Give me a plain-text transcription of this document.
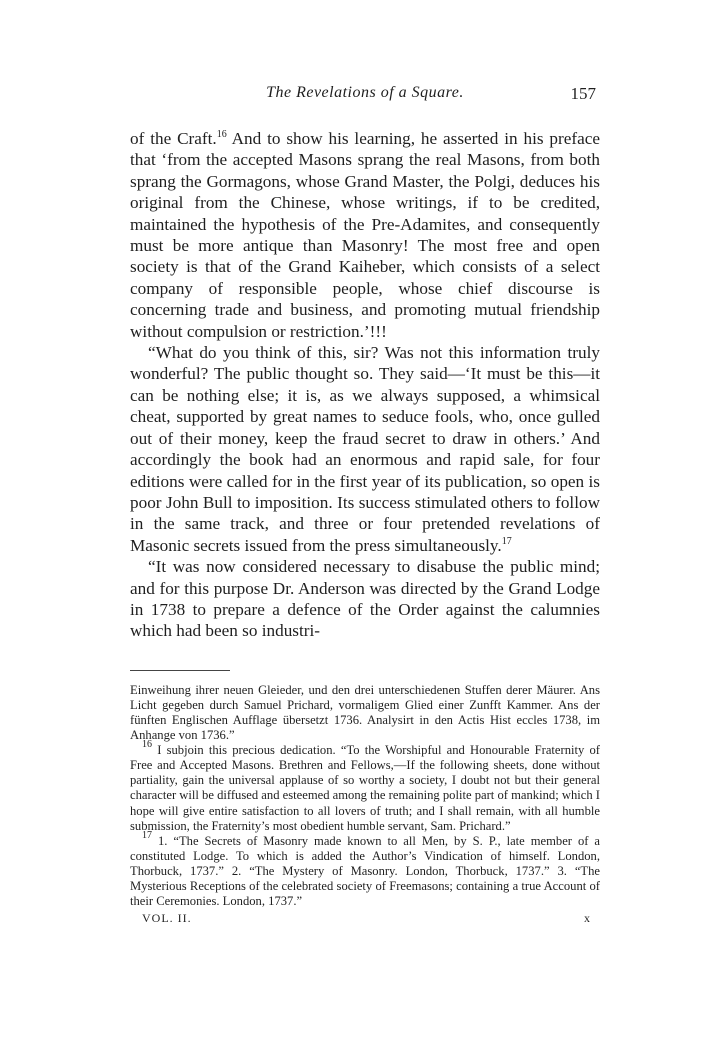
The Revelations of a Square.	157

of the Craft.$^{16}$ And to show his learning, he asserted in his preface that ‘from the accepted Masons sprang the real Masons, from both sprang the Gormagons, whose Grand Master, the Polgi, deduces his original from the Chinese, whose writings, if to be credited, maintained the hypothesis of the Pre-Adamites, and consequently must be more antique than Masonry! The most free and open society is that of the Grand Kaiheber, which consists of a select company of responsible people, whose chief discourse is concerning trade and business, and promoting mutual friendship without compulsion or restriction.’!!!

“What do you think of this, sir? Was not this information truly wonderful? The public thought so. They said—‘It must be this—it can be nothing else; it is, as we always supposed, a whimsical cheat, supported by great names to seduce fools, who, once gulled out of their money, keep the fraud secret to draw in others.’ And accordingly the book had an enormous and rapid sale, for four editions were called for in the first year of its publication, so open is poor John Bull to imposition. Its success stimulated others to follow in the same track, and three or four pretended revelations of Masonic secrets issued from the press simultaneously.$^{17}$

“It was now considered necessary to disabuse the public mind; and for this purpose Dr. Anderson was directed by the Grand Lodge in 1738 to prepare a defence of the Order against the calumnies which had been so industri-

Einweihung ihrer neuen Gleieder, und den drei unterschiedenen Stuffen derer Mäurer. Ans Licht gegeben durch Samuel Prichard, vormaligem Glied einer Zunfft Kammer. Ans der fünften Englischen Aufflage übersetzt 1736. Analysirt in den Actis Hist eccles 1738, im Anhange von 1736.”

$^{16}$ I subjoin this precious dedication. “To the Worshipful and Honourable Fraternity of Free and Accepted Masons. Brethren and Fellows,—If the following sheets, done without partiality, gain the universal applause of so worthy a society, I doubt not but their general character will be diffused and esteemed among the remaining polite part of mankind; which I hope will give entire satisfaction to all lovers of truth; and I shall remain, with all humble submission, the Fraternity’s most obedient humble servant, Sam. Prichard.”

$^{17}$ 1. “The Secrets of Masonry made known to all Men, by S. P., late member of a constituted Lodge. To which is added the Author’s Vindication of himself. London, Thorbuck, 1737.” 2. “The Mystery of Masonry. London, Thorbuck, 1737.” 3. “The Mysterious Receptions of the celebrated society of Freemasons; containing a true Account of their Ceremonies. London, 1737.”

VOL. II.	x
